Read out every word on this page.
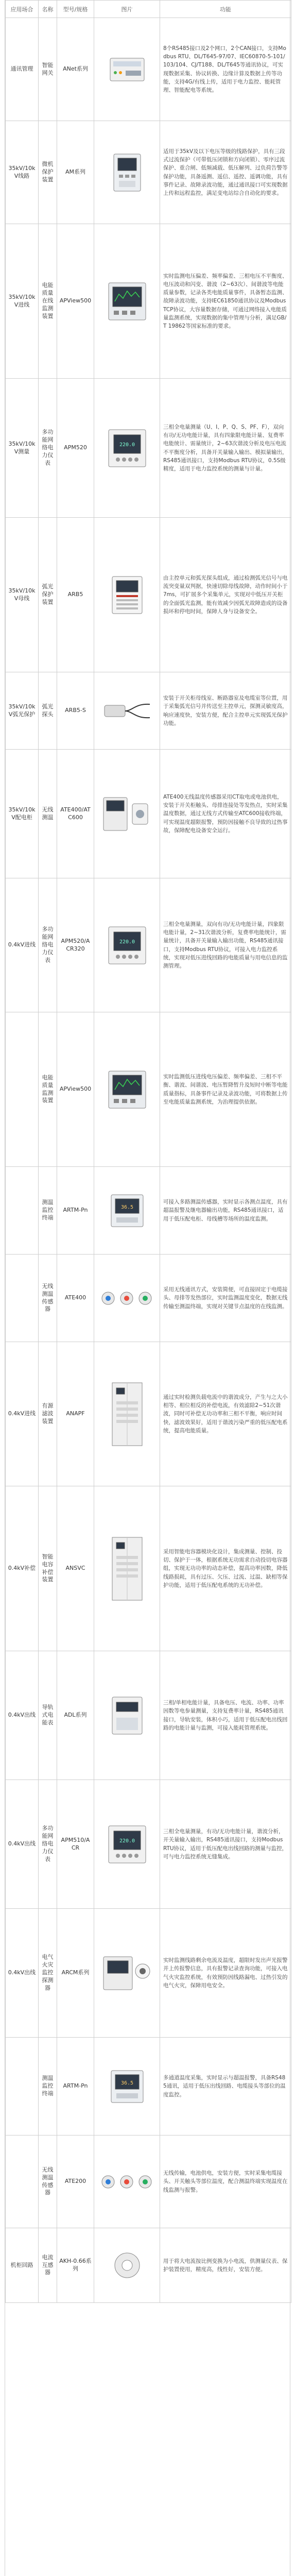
应用场合	名称	型号/规格	图片	功能
通讯管理	智能网关	ANet系列		8个RS485接口及2个网口，2个CAN接口，支持Modbus RTU、DL/T645-97/07、IEC60870-5-101/103/104、CJ/T188、DL/T645等通讯协议，可实现数据采集、协议转换、边缘计算及数据上传等功能，支持4G/有线上传，适用于电力监控、能耗管理、智能配电等系统。
35kV/10kV线路	微机保护装置	AM系列		适用于35kV及以下电压等级的线路保护，具有三段式过流保护（可带低压闭锁和方向闭锁）、零序过流保护、重合闸、低频减载、低压解列、过负荷告警等保护功能，具备遥测、遥信、遥控、遥调功能，具有事件记录、故障录波功能，通过通讯接口可实现数据上传和远程监控，满足变电站综合自动化的要求。
35kV/10kV进线	电能质量在线监测装置	APView500		实时监测电压偏差、频率偏差、三相电压不平衡度、电压波动和闪变、谐波（2~63次）、间谐波等电能质量参数，记录各类电能质量事件，具备暂态监测、故障录波功能，支持IEC61850通讯协议及Modbus TCP协议，大容量数据存储，可通过网络接入电能质量监测系统，实现数据的集中管理与分析，满足GB/T 19862等国家标准的要求。
35kV/10kV测量	多功能网络电力仪表	APM520	220.0	三相全电量测量（U、I、P、Q、S、PF、F），双向有功/无功电能计量，具有四象限电能计量、复费率电能统计、需量统计，2~63次谐波分析及电压电流不平衡度分析，具备开关量输入输出、模拟量输出，RS485通讯接口，支持Modbus RTU协议，0.5S级精度，适用于电力监控系统的测量与计量。
35kV/10kV母线	弧光保护装置	ARB5		由主控单元和弧光探头组成，通过检测弧光信号与电流突变量双判据，快速切除母线故障，动作时间小于7ms，可扩展多个采集单元，实现对中低压开关柜的全面弧光监测，能有效减少因弧光故障造成的设备损坏和停电时间，保障人身与设备安全。
35kV/10kV弧光保护	弧光探头	ARB5-S		安装于开关柜母线室、断路器室及电缆室等位置，用于采集弧光信号并传送至主控单元，探测灵敏度高，响应速度快，安装方便，配合主控单元实现弧光保护功能。
35kV/10kV配电柜	无线测温	ATE400/ATC600		ATE400无线温度传感器采用CT取电或电池供电，安装于开关柜触头、母排连接处等发热点，实时采集温度数据，通过无线方式传输至ATC600接收终端，可实现温度超限报警，预防因接触不良导致的过热事故，保障配电设备安全运行。
0.4kV进线	多功能网络电力仪表	APM520/ACR320	220.0	三相全电量测量，双向有功/无功电能计量，四象限电能计量，2~31次谐波分析，复费率电能统计，需量统计，具备开关量输入输出功能，RS485通讯接口，支持Modbus RTU协议，可接入电力监控系统，实现对低压进线回路的电能质量与用电信息的监测管理。
	电能质量监测装置	APView500		实时监测低压进线电压偏差、频率偏差、三相不平衡、谐波、间谐波、电压暂降暂升及短时中断等电能质量指标，具备事件记录及录波功能，可将数据上传至电能质量监测系统，为治理提供依据。
	测温监控终端	ARTM-Pn	36.5	可接入多路测温传感器，实时显示各测点温度，具有超温报警及继电器输出功能，RS485通讯接口，适用于低压配电柜、母线槽等场所的温度监测。
	无线测温传感器	ATE400		采用无线通讯方式，安装简便，可直接固定于电缆接头、母排等发热部位，实时监测温度变化，数据无线传输至测温终端，实现对关键节点温度的在线监测。
0.4kV进线	有源滤波装置	ANAPF		通过实时检测负载电流中的谐波成分，产生与之大小相等、相位相反的补偿电流，有效滤除2~51次谐波，同时可补偿无功功率和三相不平衡，响应时间快，滤波效果好，适用于谐波污染严重的低压配电系统，提高电能质量。
0.4kV补偿	智能电容补偿装置	ANSVC		采用智能电容器模块化设计，集成测量、控制、投切、保护于一体，根据系统无功需求自动投切电容器组，实现无功功率的动态补偿，提高功率因数，降低线路损耗，具有过压、欠压、过流、过温、缺相等保护功能，适用于低压配电系统的无功补偿。
0.4kV出线	导轨式电能表	ADL系列		三相/单相电能计量，具备电压、电流、功率、功率因数等电参量测量，支持复费率计量，RS485通讯接口，导轨安装，体积小巧，适用于低压配电出线回路的电能计量与监测，可接入能耗管理系统。
0.4kV出线	多功能网络电力仪表	APM510/ACR	220.0	三相全电量测量，有功/无功电能计量，谐波分析，开关量输入输出，RS485通讯接口，支持Modbus RTU协议，适用于低压配电出线回路的测量与监控，可与电力监控系统无缝集成。
0.4kV出线	电气火灾监控探测器	ARCM系列		实时监测线路剩余电流及温度，超限时发出声光报警并上传报警信息，具有报警记录查询功能，可接入电气火灾监控系统，有效预防因线路漏电、过热引发的电气火灾，保障用电安全。
	测温监控终端	ARTM-Pn	36.5	多通道温度采集，实时显示与超温报警，具备RS485通讯，适用于低压出线回路、电缆接头等部位的温度监控。
	无线测温传感器	ATE200		无线传输，电池供电，安装方便，实时采集电缆接头、开关触头等部位温度，配合测温终端实现温度在线监测与报警。
机柜回路	电流互感器	AKH-0.66系列		用于将大电流按比例变换为小电流，供测量仪表、保护装置使用，精度高，线性好，安装方便。
